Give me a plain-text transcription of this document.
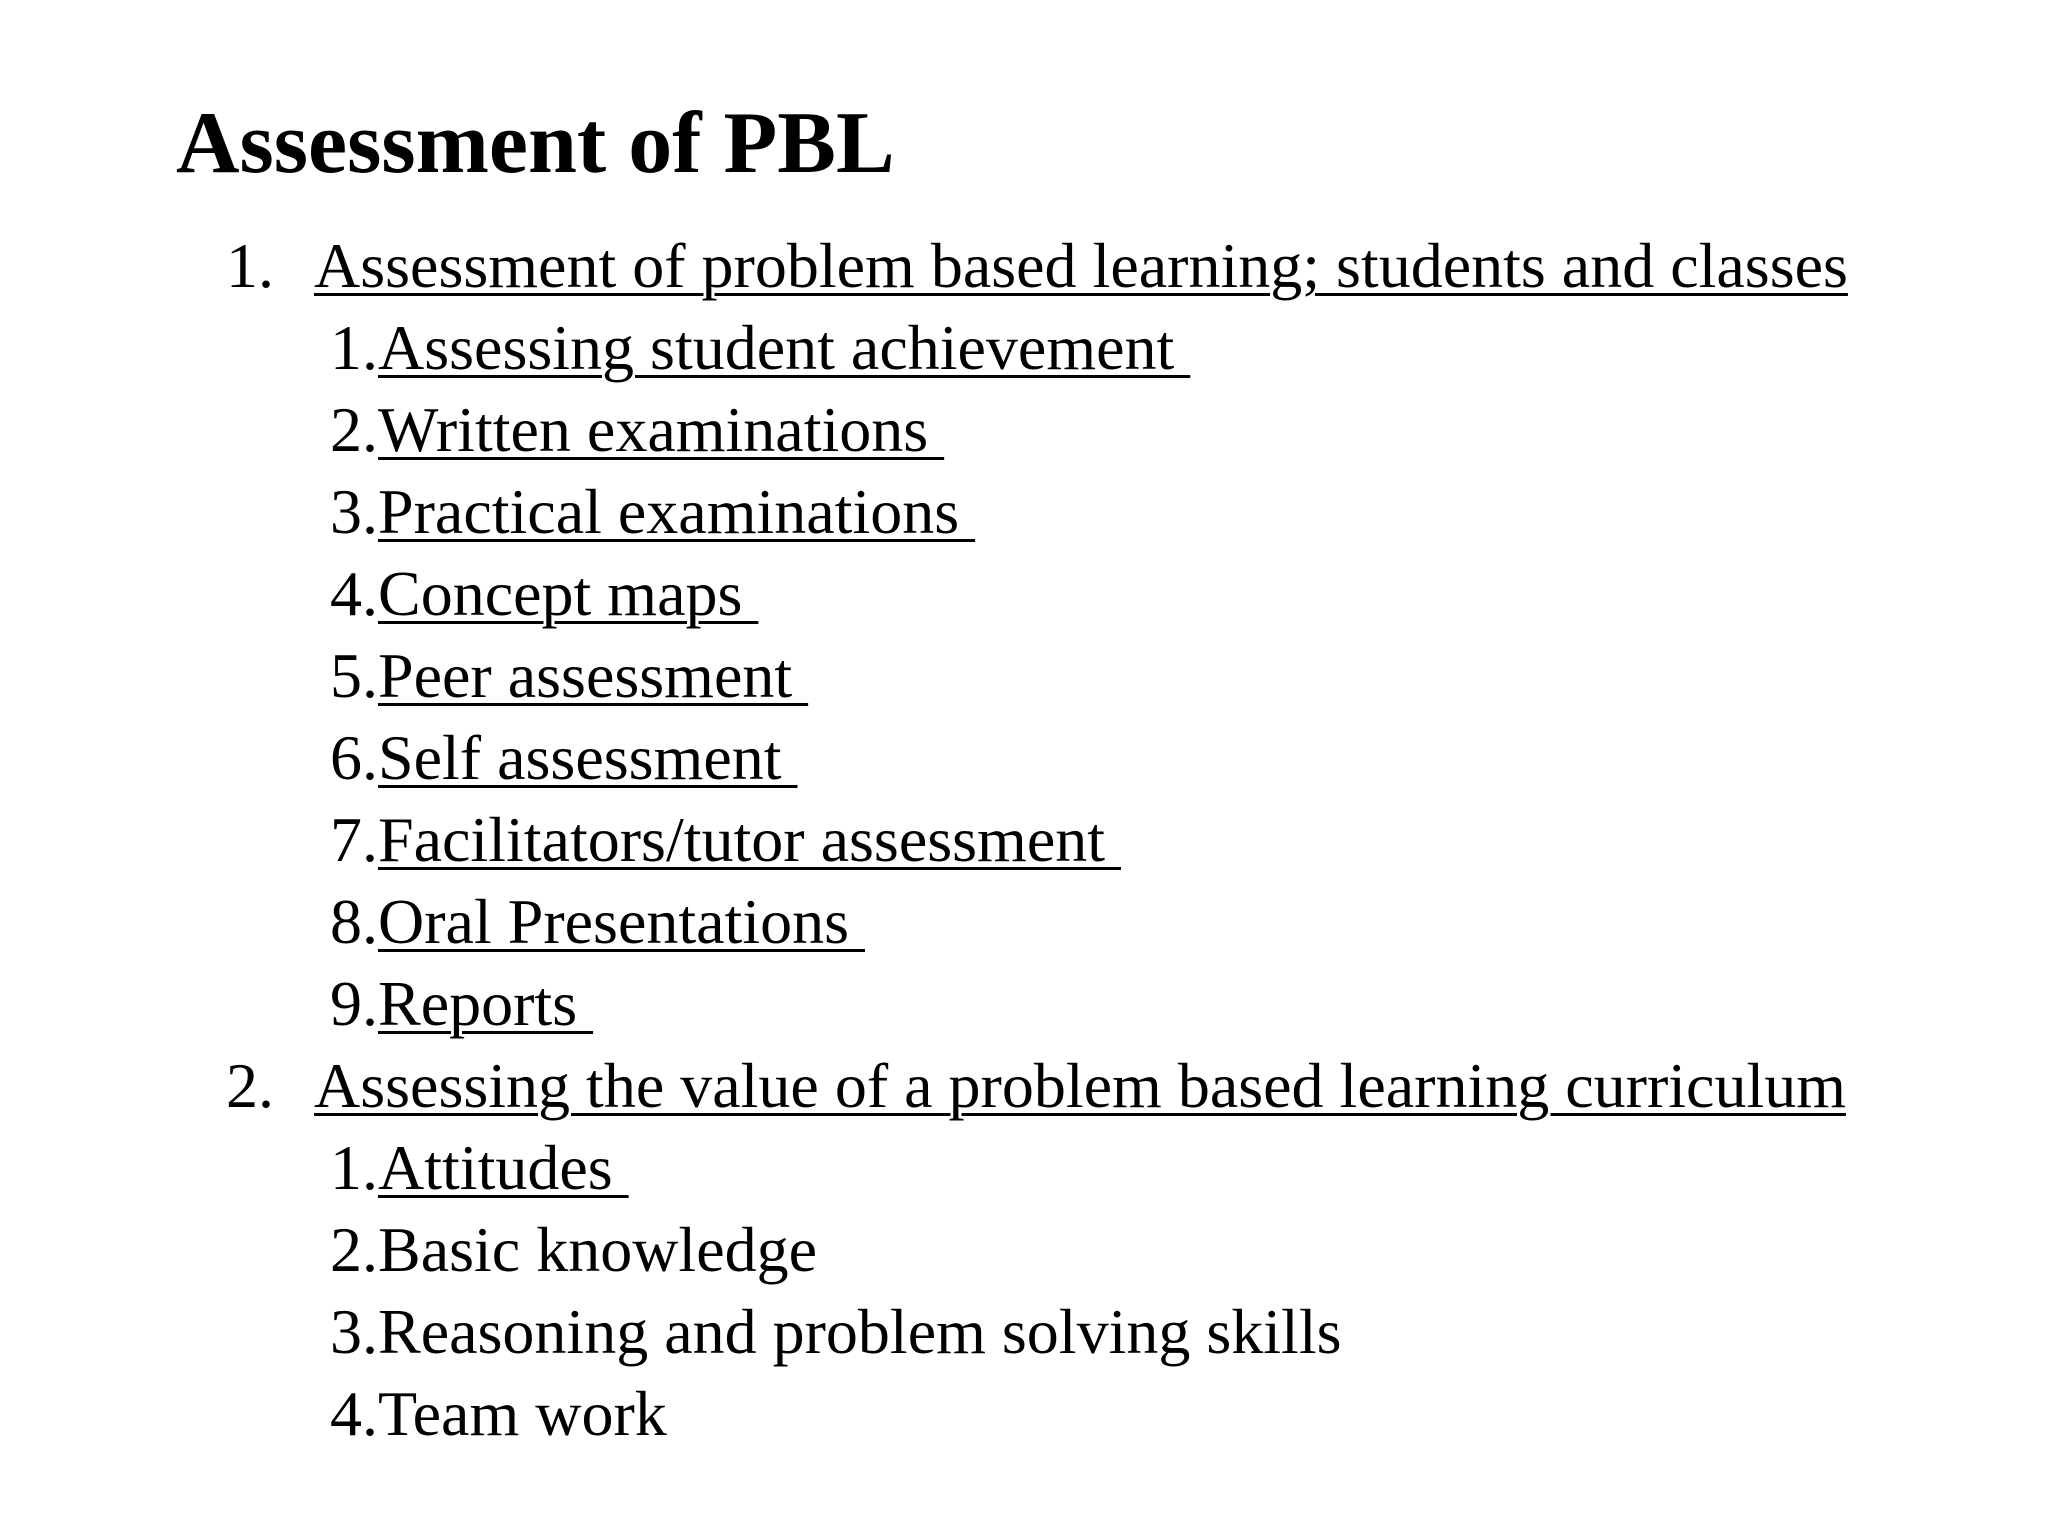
Assessment of PBL
1. Assessment of problem based learning; students and classes
1.Assessing student achievement
2.Written examinations
3.Practical examinations
4.Concept maps
5.Peer assessment
6.Self assessment
7.Facilitators/tutor assessment
8.Oral Presentations
9.Reports
2. Assessing the value of a problem based learning curriculum
1.Attitudes
2.Basic knowledge
3.Reasoning and problem solving skills
4.Team work
